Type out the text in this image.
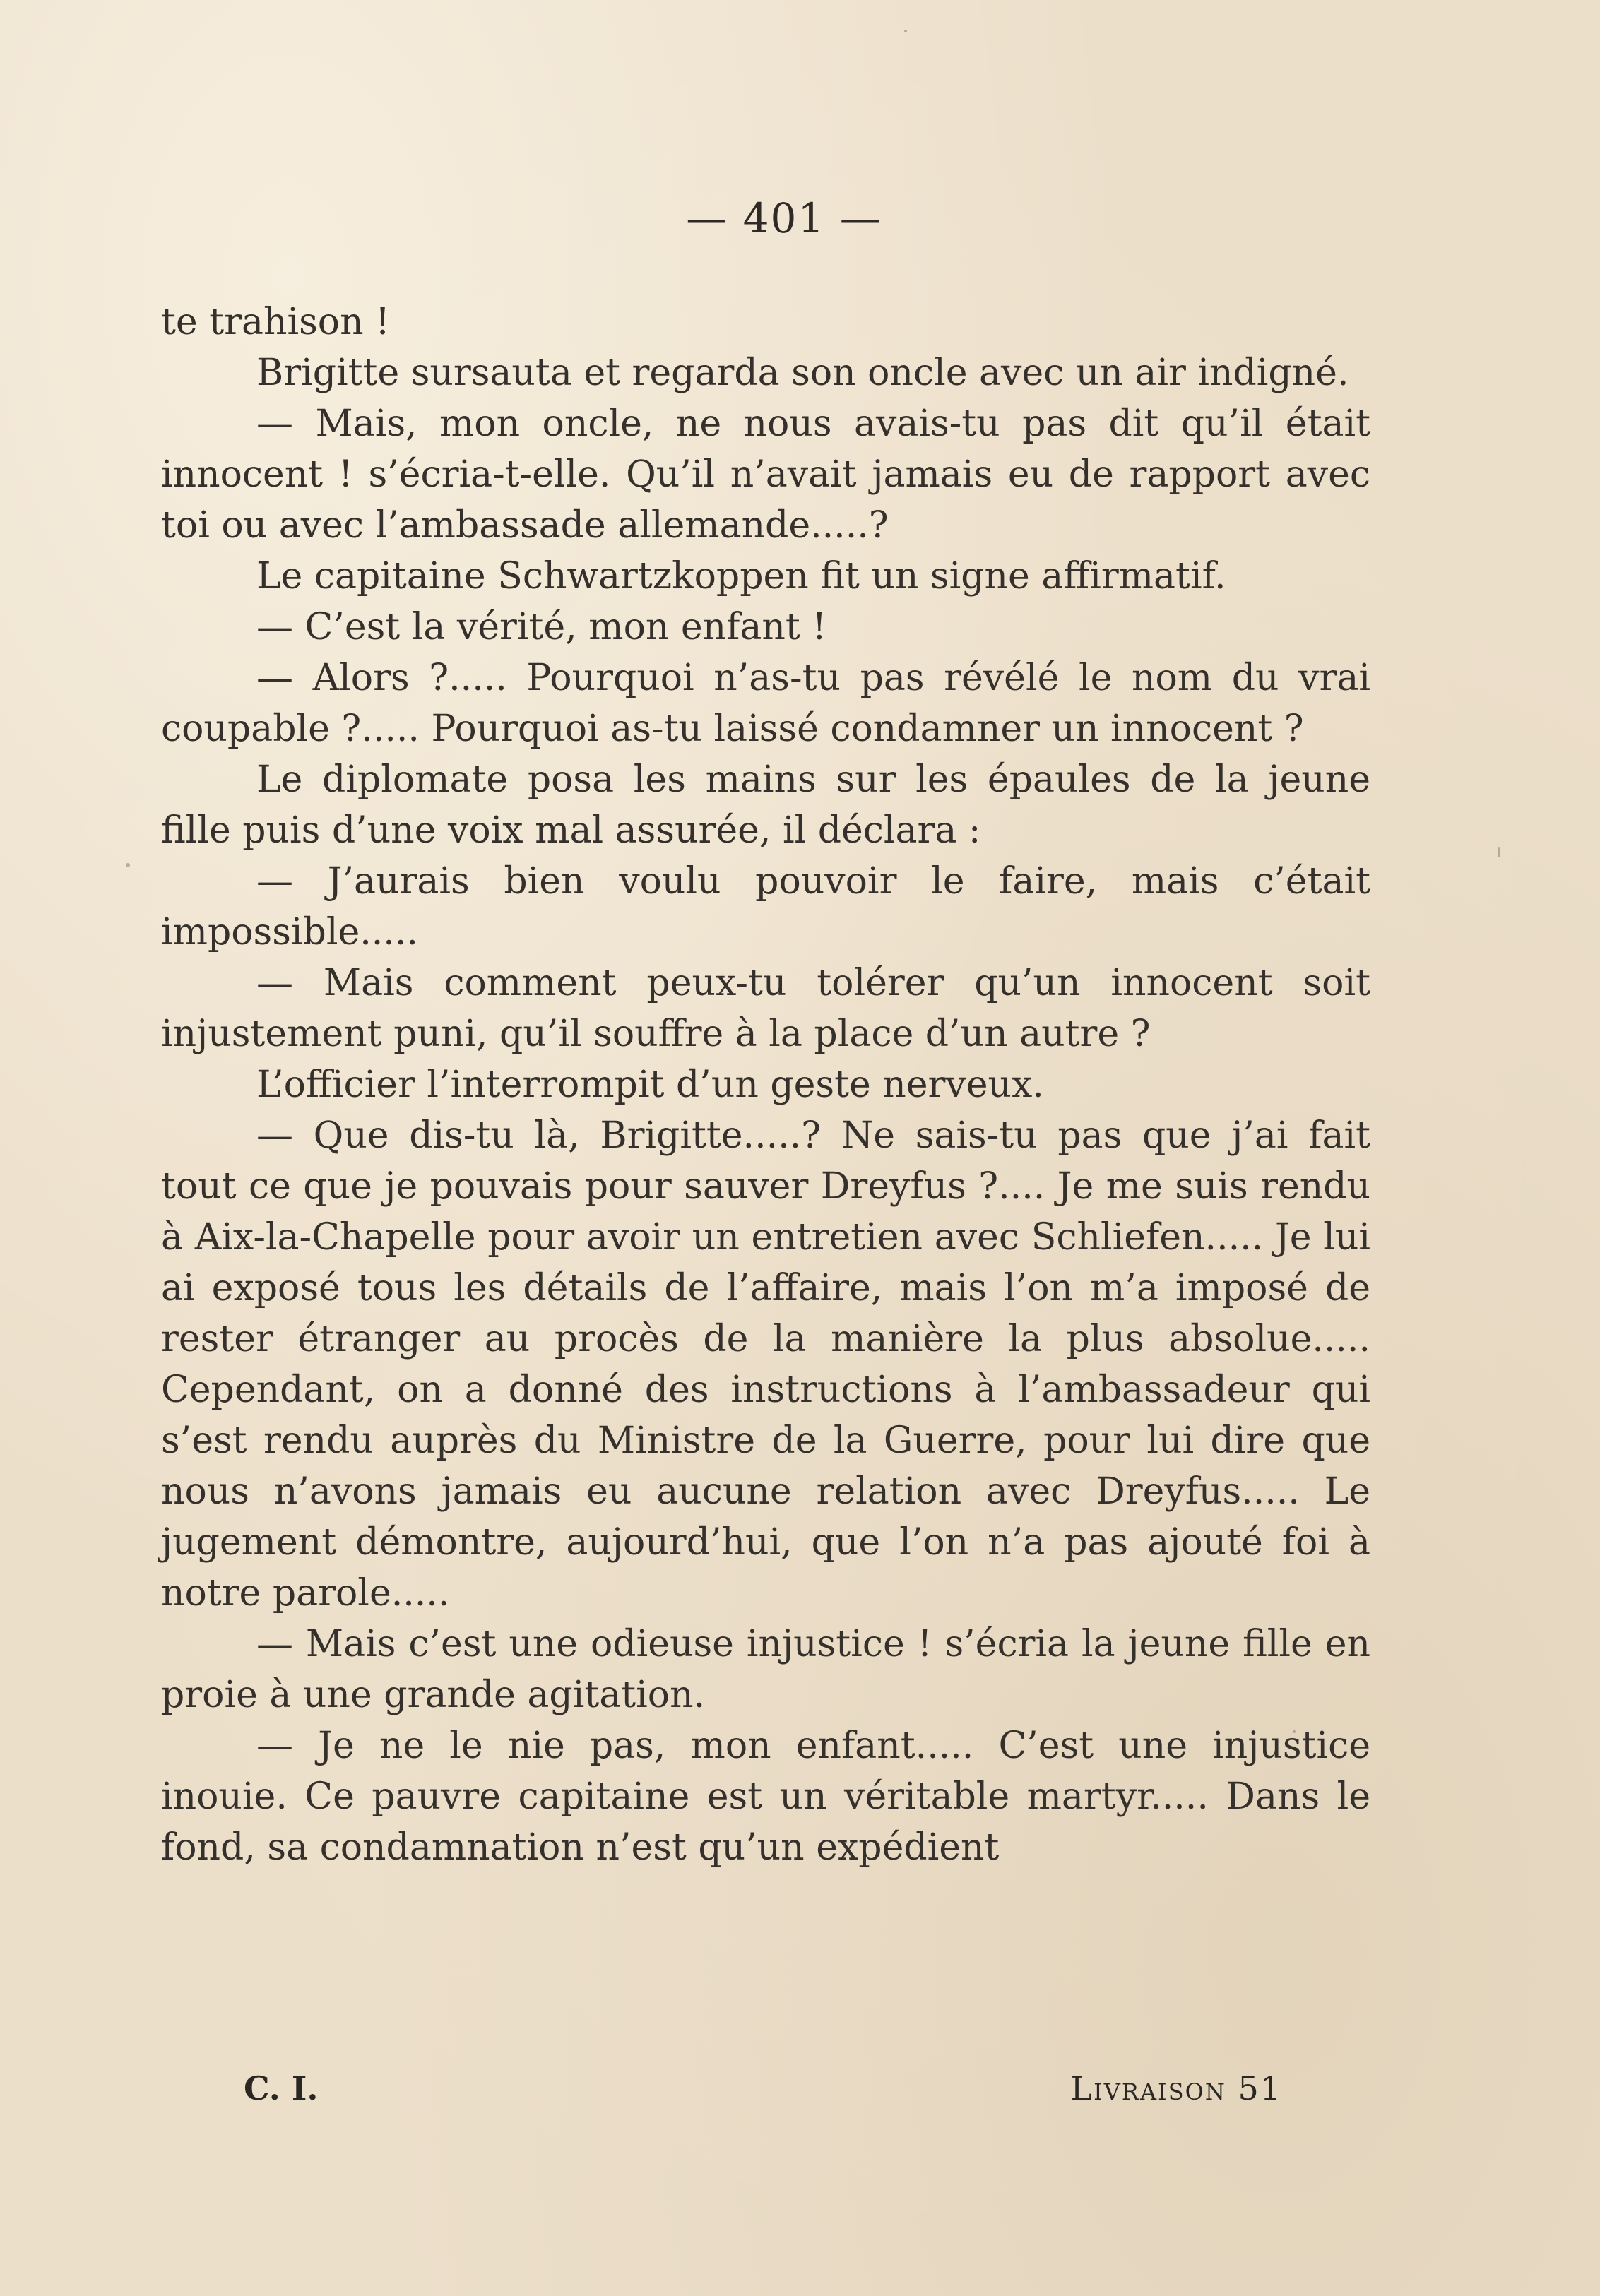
— 401 —

te trahison !

Brigitte sursauta et regarda son oncle avec un air indigné.

— Mais, mon oncle, ne nous avais-tu pas dit qu’il était innocent ! s’écria-t-elle. Qu’il n’avait jamais eu de rapport avec toi ou avec l’ambassade allemande.....?

Le capitaine Schwartzkoppen fit un signe affirmatif.

— C’est la vérité, mon enfant !

— Alors ?..... Pourquoi n’as-tu pas révélé le nom du vrai coupable ?..... Pourquoi as-tu laissé condamner un innocent ?

Le diplomate posa les mains sur les épaules de la jeune fille puis d’une voix mal assurée, il déclara :

— J’aurais bien voulu pouvoir le faire, mais c’était impossible.....

— Mais comment peux-tu tolérer qu’un innocent soit injustement puni, qu’il souffre à la place d’un autre ?

L’officier l’interrompit d’un geste nerveux.

— Que dis-tu là, Brigitte.....? Ne sais-tu pas que j’ai fait tout ce que je pouvais pour sauver Dreyfus ?.... Je me suis rendu à Aix-la-Chapelle pour avoir un entretien avec Schliefen..... Je lui ai exposé tous les détails de l’affaire, mais l’on m’a imposé de rester étranger au procès de la manière la plus absolue..... Cependant, on a donné des instructions à l’ambassadeur qui s’est rendu auprès du Ministre de la Guerre, pour lui dire que nous n’avons jamais eu aucune relation avec Dreyfus..... Le jugement démontre, aujourd’hui, que l’on n’a pas ajouté foi à notre parole.....

— Mais c’est une odieuse injustice ! s’écria la jeune fille en proie à une grande agitation.

— Je ne le nie pas, mon enfant..... C’est une injustice inouie. Ce pauvre capitaine est un véritable martyr..... Dans le fond, sa condamnation n’est qu’un expédient

C. I.	Livraison 51
